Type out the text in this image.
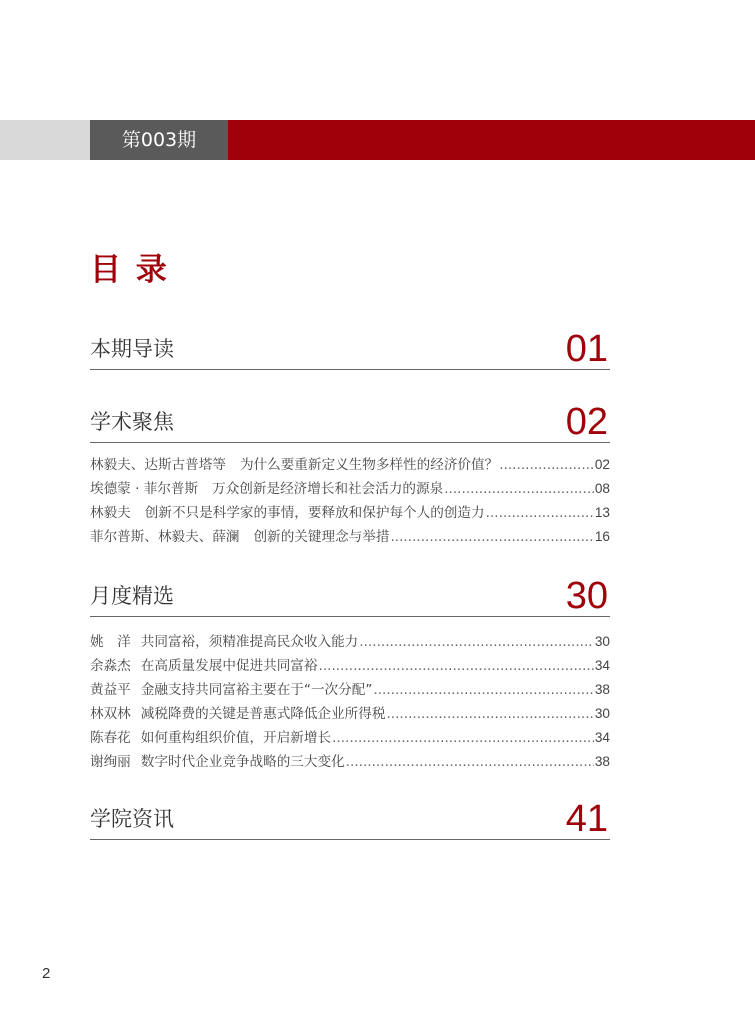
第003期
目 录
本期导读	01
学术聚焦	02
林毅夫、达斯古普塔等 为什么要重新定义生物多样性的经济价值？ .....	02
埃德蒙 · 菲尔普斯 万众创新是经济增长和社会活力的源泉 .....	08
林毅夫 创新不只是科学家的事情，要释放和保护每个人的创造力 .....	13
菲尔普斯、林毅夫、薛澜 创新的关键理念与举措 .....	16
月度精选	30
姚　洋 共同富裕，须精准提高民众收入能力 .....	30
余淼杰 在高质量发展中促进共同富裕 .....	34
黄益平 金融支持共同富裕主要在于“一次分配” .....	38
林双林 减税降费的关键是普惠式降低企业所得税 .....	30
陈春花 如何重构组织价值，开启新增长 .....	34
谢绚丽 数字时代企业竞争战略的三大变化 .....	38
学院资讯	41
2
